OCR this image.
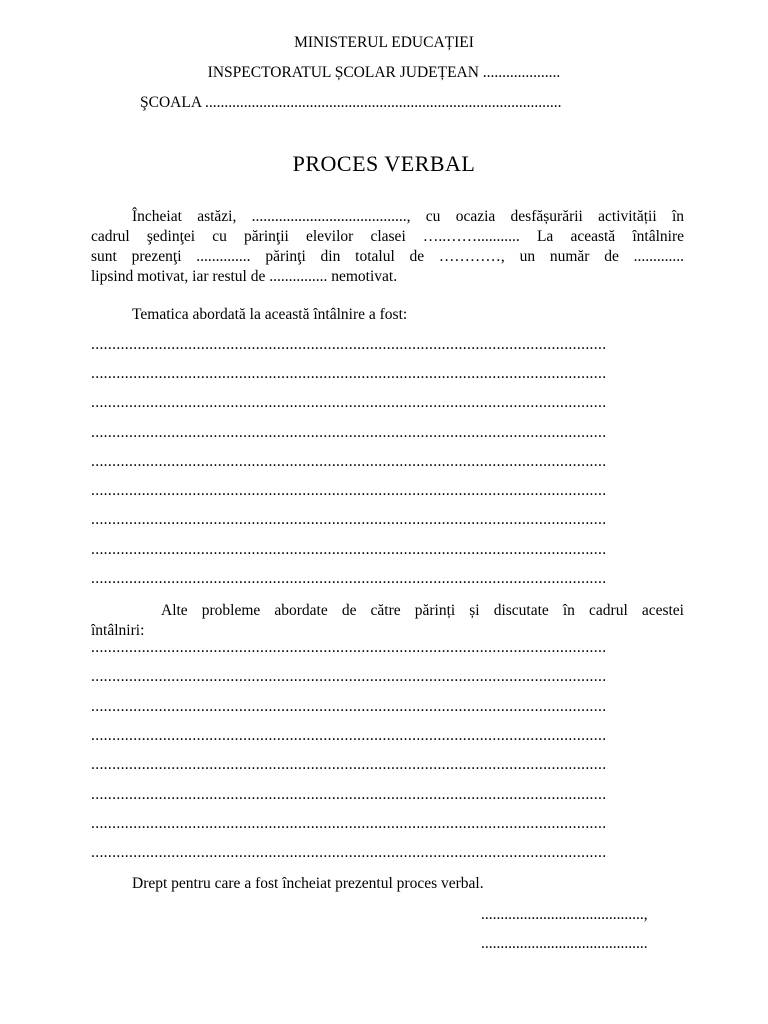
MINISTERUL EDUCAȚIEI
INSPECTORATUL ȘCOLAR JUDEȚEAN ....................
ŞCOALA ............................................................................................
PROCES VERBAL
Încheiat astăzi, ........................................, cu ocazia desfășurării activității în
cadrul şedinţei cu părinţii elevilor clasei …..……........... La această întâlnire
sunt prezenţi .............. părinţi din totalul de …………, un număr de .............
lipsind motivat, iar restul de ............... nemotivat.
Tematica abordată la această întâlnire a fost:
..........................................................................................................................
..........................................................................................................................
..........................................................................................................................
..........................................................................................................................
..........................................................................................................................
..........................................................................................................................
..........................................................................................................................
..........................................................................................................................
..........................................................................................................................
Alte probleme abordate de către părinți și discutate în cadrul acestei
întâlniri:
..........................................................................................................................
..........................................................................................................................
..........................................................................................................................
..........................................................................................................................
..........................................................................................................................
..........................................................................................................................
..........................................................................................................................
..........................................................................................................................
Drept pentru care a fost încheiat prezentul proces verbal.
..........................................,
...........................................
